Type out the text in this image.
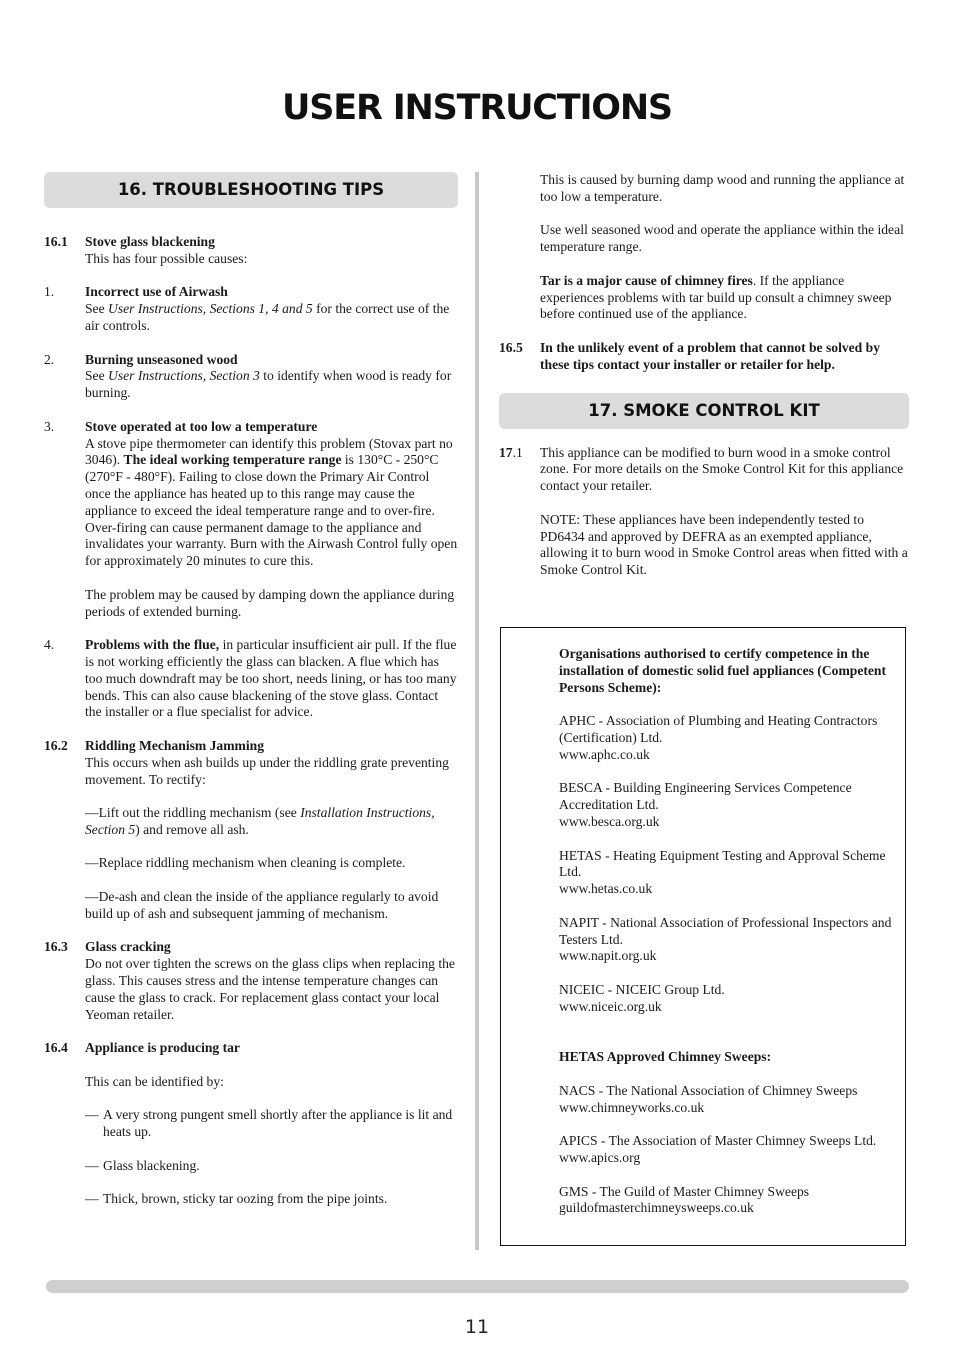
USER INSTRUCTIONS
16. TROUBLESHOOTING TIPS
16.1	Stove glass blackening

This has four possible causes:

1.	Incorrect use of Airwash

See User Instructions, Sections 1, 4 and 5 for the correct use of the air controls.

2.	Burning unseasoned wood

See User Instructions, Section 3 to identify when wood is ready for burning.

3.	Stove operated at too low a temperature

A stove pipe thermometer can identify this problem (Stovax part no 3046). The ideal working temperature range is 130°C - 250°C (270°F - 480°F). Failing to close down the Primary Air Control once the appliance has heated up to this range may cause the appliance to exceed the ideal temperature range and to over-fire. Over-firing can cause permanent damage to the appliance and invalidates your warranty. Burn with the Airwash Control fully open for approximately 20 minutes to cure this.

The problem may be caused by damping down the appliance during periods of extended burning.

4.	Problems with the flue, in particular insufficient air pull. If the flue is not working efficiently the glass can blacken. A flue which has too much downdraft may be too short, needs lining, or has too many bends. This can also cause blackening of the stove glass. Contact the installer or a flue specialist for advice.

16.2	Riddling Mechanism Jamming

This occurs when ash builds up under the riddling grate preventing movement. To rectify:

—Lift out the riddling mechanism (see Installation Instructions, Section 5) and remove all ash.

—Replace riddling mechanism when cleaning is complete.

—De-ash and clean the inside of the appliance regularly to avoid build up of ash and subsequent jamming of mechanism.

16.3	Glass cracking

Do not over tighten the screws on the glass clips when replacing the glass. This causes stress and the intense temperature changes can cause the glass to crack. For replacement glass contact your local Yeoman retailer.

16.4	Appliance is producing tar

This can be identified by:

— A very strong pungent smell shortly after the appliance is lit and heats up.
— Glass blackening.
— Thick, brown, sticky tar oozing from the pipe joints.

This is caused by burning damp wood and running the appliance at too low a temperature.

Use well seasoned wood and operate the appliance within the ideal temperature range.

Tar is a major cause of chimney fires. If the appliance experiences problems with tar build up consult a chimney sweep before continued use of the appliance.

16.5	In the unlikely event of a problem that cannot be solved by these tips contact your installer or retailer for help.

17. SMOKE CONTROL KIT
17.1	This appliance can be modified to burn wood in a smoke control zone. For more details on the Smoke Control Kit for this appliance contact your retailer.

NOTE: These appliances have been independently tested to PD6434 and approved by DEFRA as an exempted appliance, allowing it to burn wood in Smoke Control areas when fitted with a Smoke Control Kit.

Organisations authorised to certify competence in the installation of domestic solid fuel appliances (Competent Persons Scheme):

APHC - Association of Plumbing and Heating Contractors (Certification) Ltd.

www.aphc.co.uk

BESCA - Building Engineering Services Competence Accreditation Ltd.

www.besca.org.uk

HETAS - Heating Equipment Testing and Approval Scheme Ltd.

www.hetas.co.uk

NAPIT - National Association of Professional Inspectors and Testers Ltd.

www.napit.org.uk

NICEIC - NICEIC Group Ltd.

www.niceic.org.uk

HETAS Approved Chimney Sweeps:

NACS - The National Association of Chimney Sweeps

www.chimneyworks.co.uk

APICS - The Association of Master Chimney Sweeps Ltd.

www.apics.org

GMS - The Guild of Master Chimney Sweeps

guildofmasterchimneysweeps.co.uk

11
